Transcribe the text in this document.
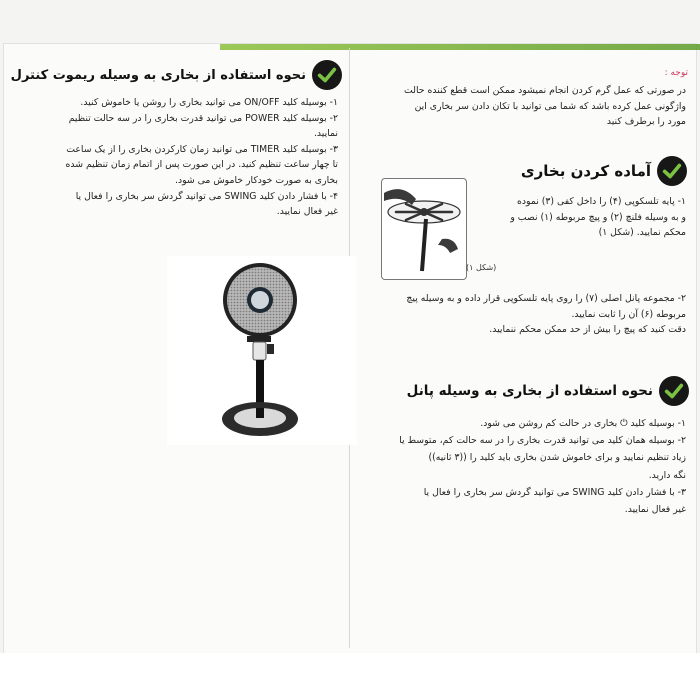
نحوه استفاده از بخاری به وسیله ریموت کنترل
۱- بوسیله کلید ON/OFF می توانید بخاری را روشن یا خاموش کنید.
۲- بوسیله کلید POWER می توانید قدرت بخاری را در سه حالت تنظیم
نمایید.
۳- بوسیله کلید TIMER می توانید زمان کارکردن بخاری را از یک ساعت
تا چهار ساعت تنظیم کنید. در این صورت پس از اتمام زمان تنظیم شده
بخاری به صورت خودکار خاموش می شود.
۴- با فشار دادن کلید SWING می توانید گردش سر بخاری را فعال یا
غیر فعال نمایید.
توجه :
در صورتی که عمل گرم کردن انجام نمیشود ممکن است قطع کننده حالت
واژگونی عمل کرده باشد که شما می توانید با تکان دادن سر بخاری این
مورد را برطرف کنید
آماده کردن بخاری
۱- پایه تلسکوپی (۴) را داخل کفی (۳) نموده
و به وسیله فلنچ (۲) و پیچ مربوطه (۱) نصب و
محکم نمایید. (شکل ۱)
(شکل ۱)
۲- مجموعه پانل اصلی (۷) را روی پایه تلسکوپی قرار داده و به وسیله پیچ
مربوطه (۶) آن را ثابت نمایید.
دقت کنید که پیچ را بیش از حد ممکن محکم ننمایید.
نحوه استفاده از بخاری به وسیله پانل
۱- بوسیله کلید ⏻ بخاری در حالت کم روشن می شود.
۲- بوسیله همان کلید می توانید قدرت بخاری را در سه حالت کم، متوسط یا
زیاد تنظیم نمایید و برای خاموش شدن بخاری باید کلید را ((۳ ثانیه))
نگه دارید.
۳- با فشار دادن کلید SWING می توانید گردش سر بخاری را فعال یا
غیر فعال نمایید.
